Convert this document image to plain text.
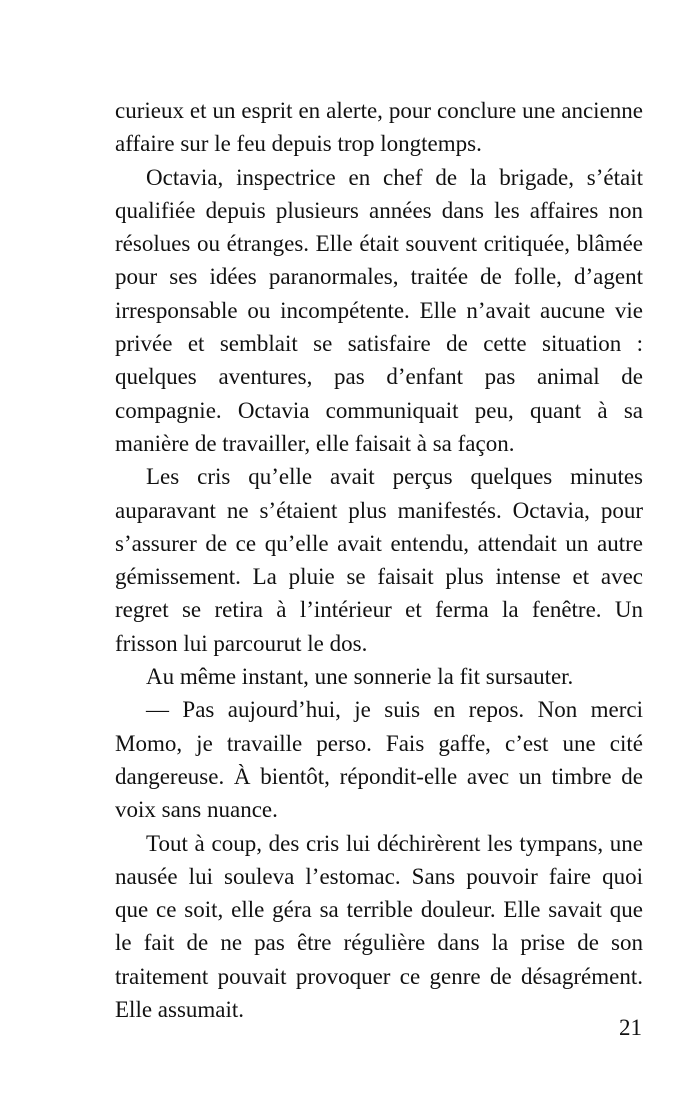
curieux et un esprit en alerte, pour conclure une ancienne affaire sur le feu depuis trop longtemps.

Octavia, inspectrice en chef de la brigade, s’était qualifiée depuis plusieurs années dans les affaires non résolues ou étranges. Elle était souvent critiquée, blâmée pour ses idées paranormales, traitée de folle, d’agent irresponsable ou incompétente. Elle n’avait aucune vie privée et semblait se satisfaire de cette situation : quelques aventures, pas d’enfant pas animal de compagnie. Octavia communiquait peu, quant à sa manière de travailler, elle faisait à sa façon.

Les cris qu’elle avait perçus quelques minutes auparavant ne s’étaient plus manifestés. Octavia, pour s’assurer de ce qu’elle avait entendu, attendait un autre gémissement. La pluie se faisait plus intense et avec regret se retira à l’intérieur et ferma la fenêtre. Un frisson lui parcourut le dos.

Au même instant, une sonnerie la fit sursauter.

— Pas aujourd’hui, je suis en repos. Non merci Momo, je travaille perso. Fais gaffe, c’est une cité dangereuse. À bientôt, répondit-elle avec un timbre de voix sans nuance.

Tout à coup, des cris lui déchirèrent les tympans, une nausée lui souleva l’estomac. Sans pouvoir faire quoi que ce soit, elle géra sa terrible douleur. Elle savait que le fait de ne pas être régulière dans la prise de son traitement pouvait provoquer ce genre de désagrément. Elle assumait.

21
